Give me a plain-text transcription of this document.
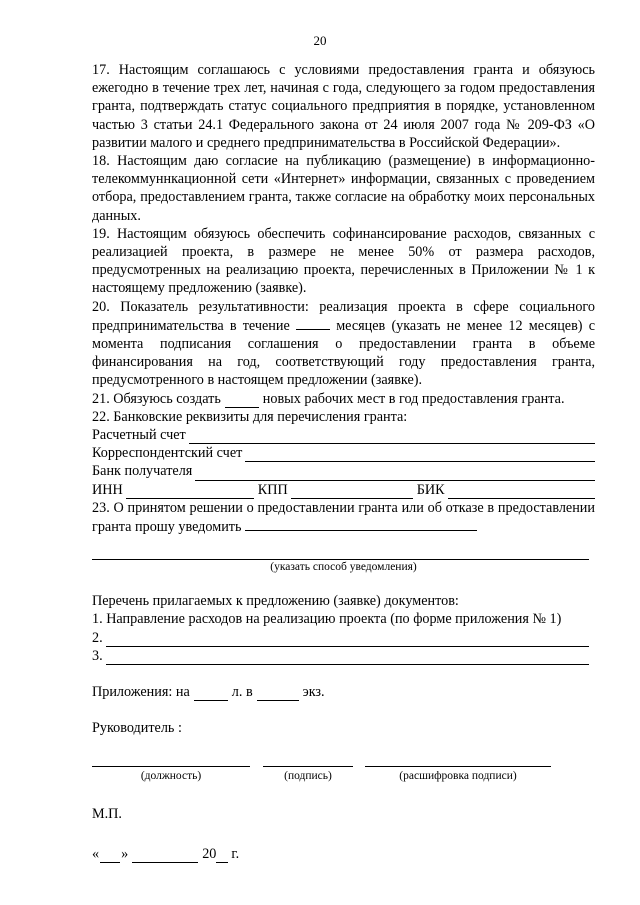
20
17. Настоящим соглашаюсь с условиями предоставления гранта и обязуюсь ежегодно в течение трех лет, начиная с года, следующего за годом предоставления гранта, подтверждать статус социального предприятия в порядке, установленном частью 3 статьи 24.1 Федерального закона от 24 июля 2007 года № 209-ФЗ «О развитии малого и среднего предпринимательства в Российской Федерации».
18. Настоящим даю согласие на публикацию (размещение) в информационно-телекоммуннкационной сети «Интернет» информации, связанных с проведением отбора, предоставлением гранта, также согласие на обработку моих персональных данных.
19. Настоящим обязуюсь обеспечить софинансирование расходов, связанных с реализацией проекта, в размере не менее 50% от размера расходов, предусмотренных на реализацию проекта, перечисленных в Приложении № 1 к настоящему предложению (заявке).
20. Показатель результативности: реализация проекта в сфере социального предпринимательства в течение	месяцев (указать не менее 12 месяцев) с момента подписания соглашения о предоставлении гранта в объеме финансирования на год, соответствующий году предоставления гранта, предусмотренного в настоящем предложении (заявке).
21. Обязуюсь создать	новых рабочих мест в год предоставления гранта.
22. Банковские реквизиты для перечисления гранта:
Расчетный счет
Корреспондентский счет
Банк получателя
ИНН	КПП	БИК
23. О принятом решении о предоставлении гранта или об отказе в предоставлении гранта прошу уведомить
(указать способ уведомления)
Перечень прилагаемых к предложению (заявке) документов:
1. Направление расходов на реализацию проекта (по форме приложения № 1)
2.
3.
Приложения: на	л. в	экз.
Руководитель :
(должность)	(подпись)	(расшифровка подписи)
М.П.
« »	20 г.
